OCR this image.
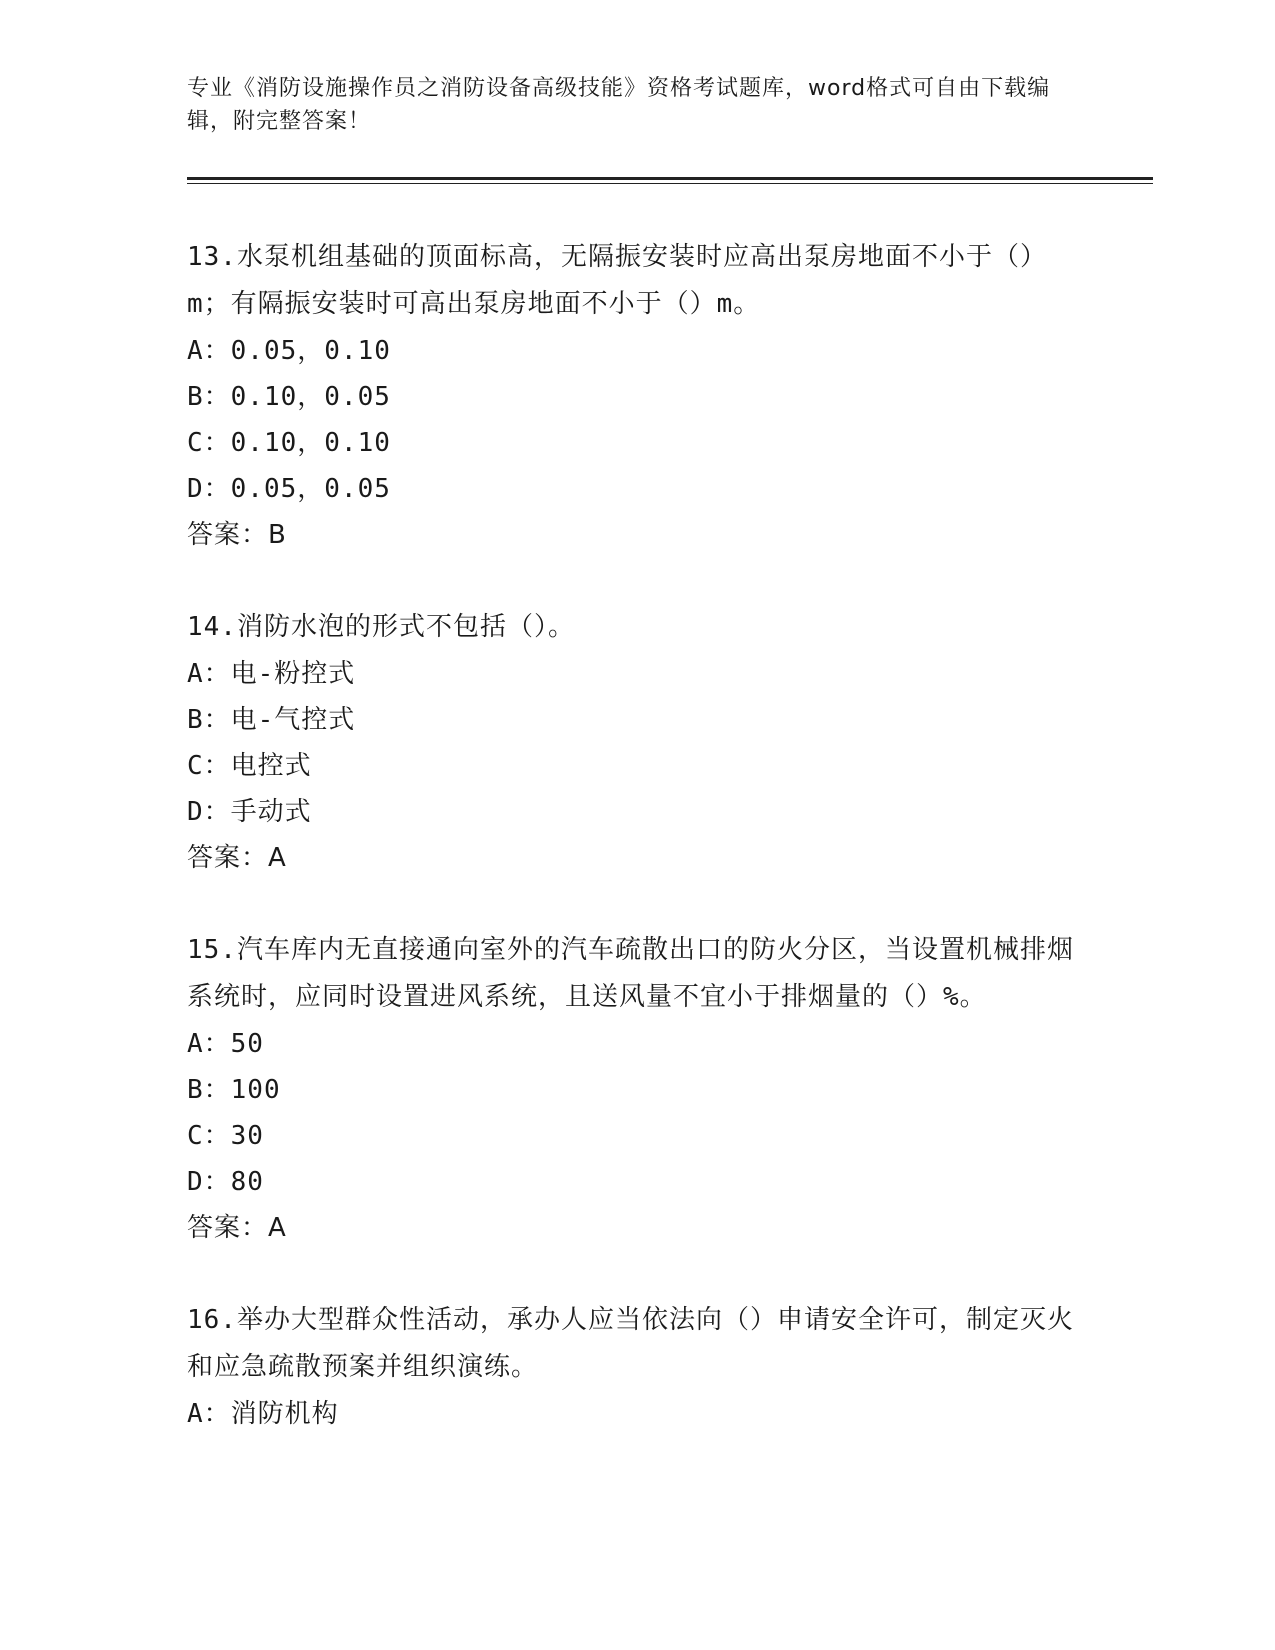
专业《消防设施操作员之消防设备高级技能》资格考试题库，word格式可自由下载编辑，附完整答案！

13.水泵机组基础的顶面标高，无隔振安装时应高出泵房地面不小于（）m；有隔振安装时可高出泵房地面不小于（）m。

A：0.05，0.10

B：0.10，0.05

C：0.10，0.10

D：0.05，0.05

答案：B

14.消防水泡的形式不包括（）。

A：电-粉控式

B：电-气控式

C：电控式

D：手动式

答案：A

15.汽车库内无直接通向室外的汽车疏散出口的防火分区，当设置机械排烟系统时，应同时设置进风系统，且送风量不宜小于排烟量的（）%。

A：50

B：100

C：30

D：80

答案：A

16.举办大型群众性活动，承办人应当依法向（）申请安全许可，制定灭火和应急疏散预案并组织演练。

A：消防机构
